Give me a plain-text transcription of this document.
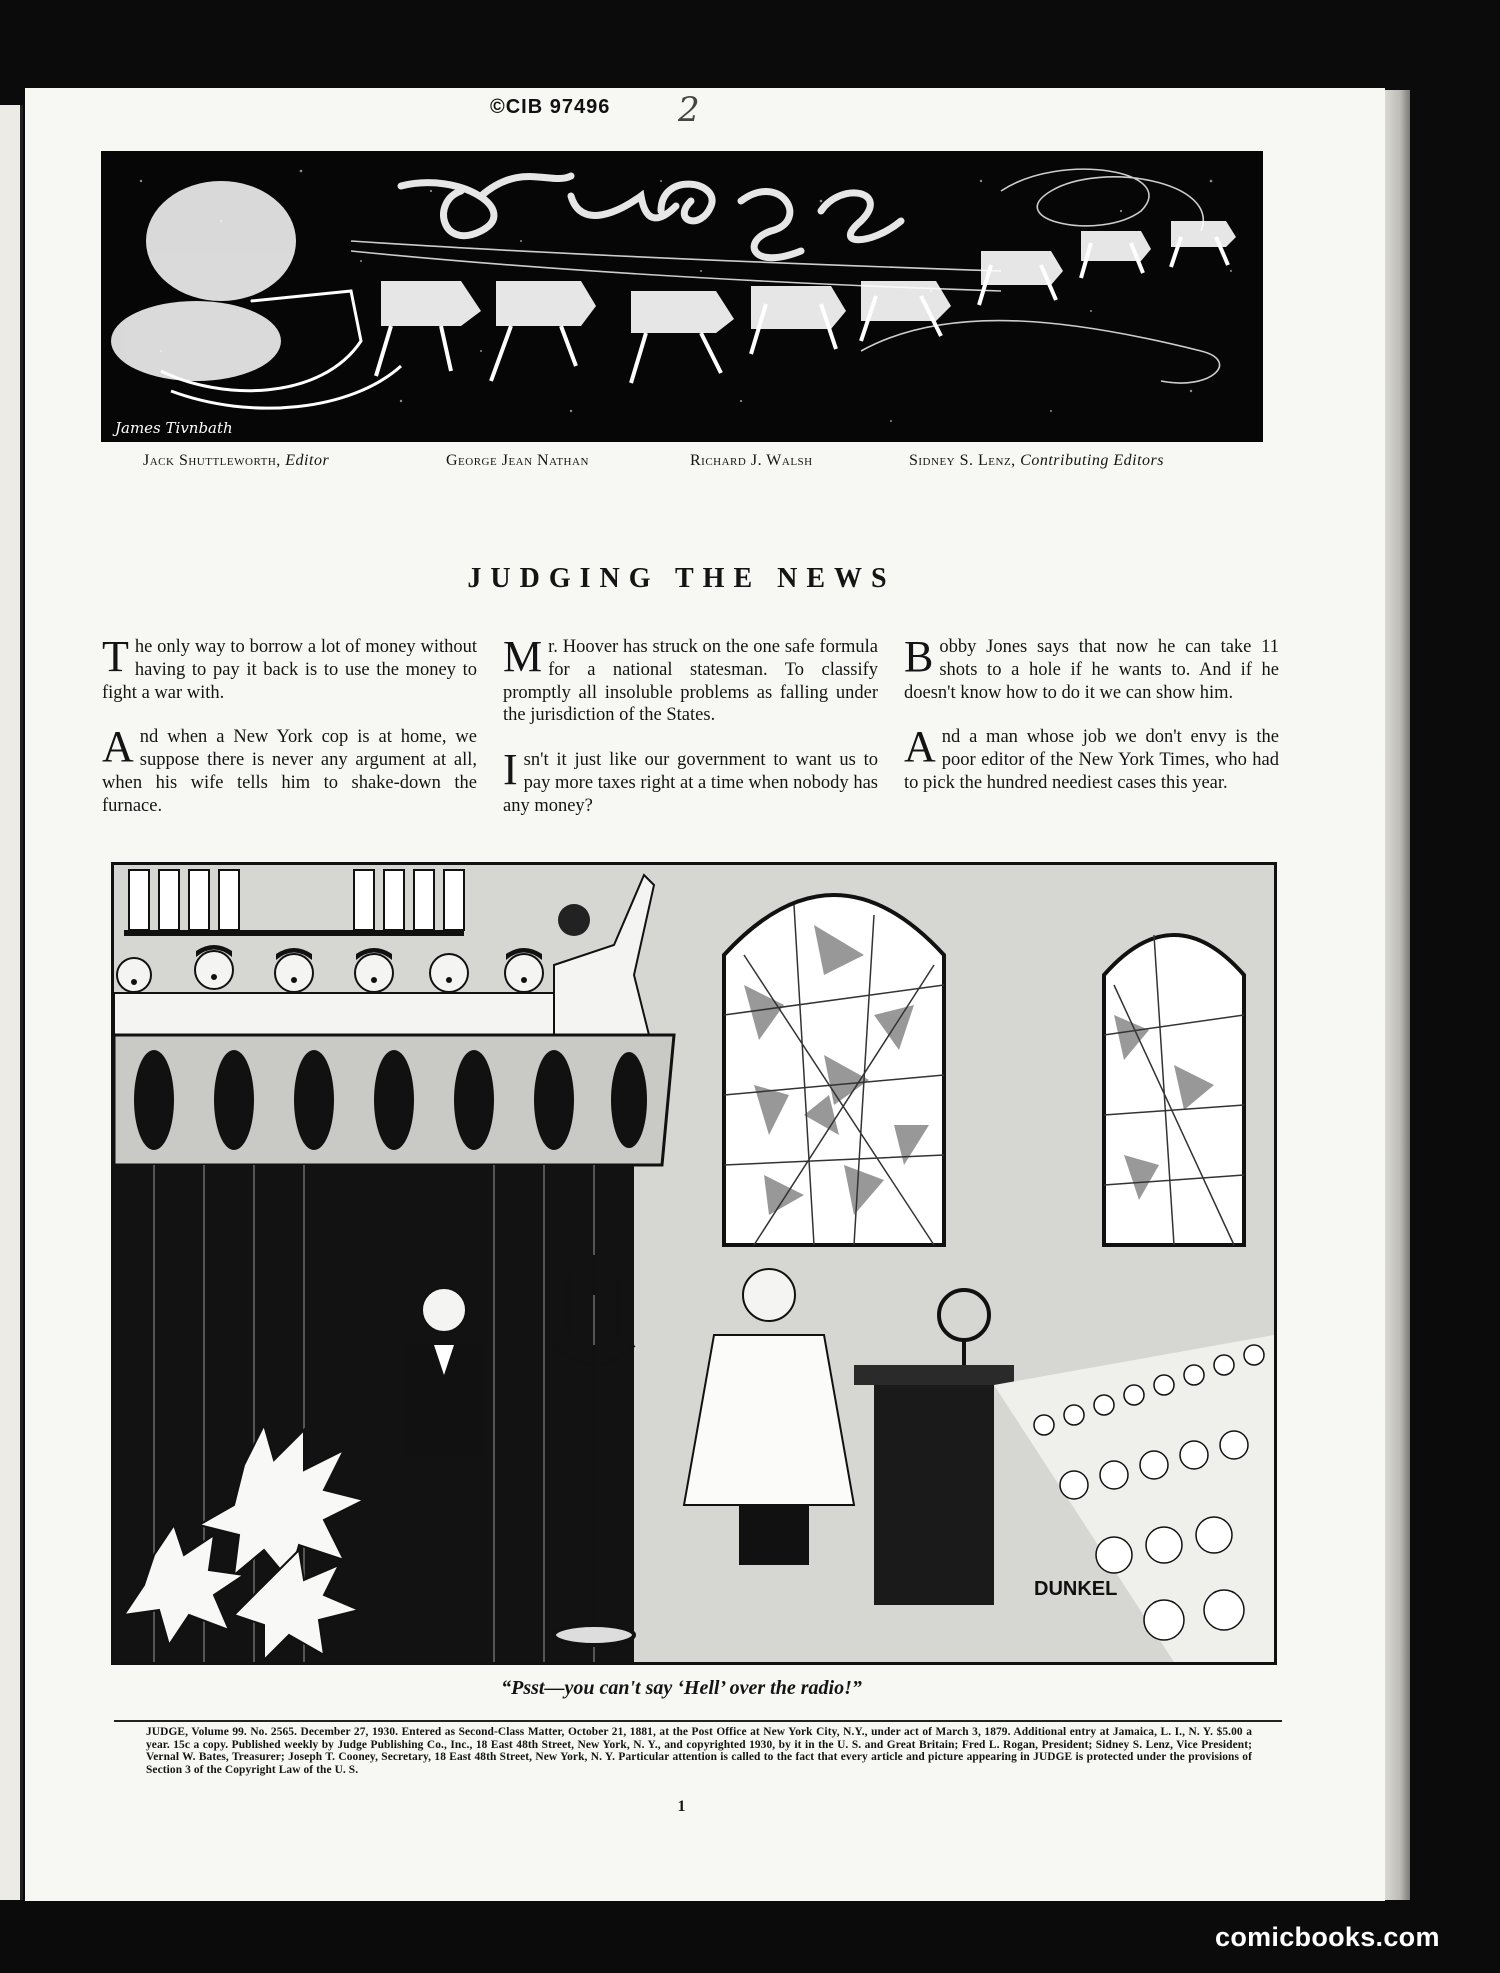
©CIB 97496 2
James Tivnbath
Jack Shuttleworth, Editor	George Jean Nathan	Richard J. Walsh	Sidney S. Lenz, Contributing Editors
JUDGING THE NEWS

The only way to borrow a lot of money without having to pay it back is to use the money to fight a war with.

And when a New York cop is at home, we suppose there is never any argument at all, when his wife tells him to shake-down the furnace.

Mr. Hoover has struck on the one safe formula for a national statesman. To classify promptly all insoluble problems as falling under the jurisdiction of the States.

Isn't it just like our government to want us to pay more taxes right at a time when nobody has any money?

Bobby Jones says that now he can take 11 shots to a hole if he wants to. And if he doesn't know how to do it we can show him.

And a man whose job we don't envy is the poor editor of the New York Times, who had to pick the hundred neediest cases this year.

DUNKEL
“Psst—you can't say ‘Hell’ over the radio!”
JUDGE, Volume 99. No. 2565. December 27, 1930. Entered as Second-Class Matter, October 21, 1881, at the Post Office at New York City, N.Y., under act of March 3, 1879. Additional entry at Jamaica, L. I., N. Y. $5.00 a year. 15c a copy. Published weekly by Judge Publishing Co., Inc., 18 East 48th Street, New York, N. Y., and copyrighted 1930, by it in the U. S. and Great Britain; Fred L. Rogan, President; Sidney S. Lenz, Vice President; Vernal W. Bates, Treasurer; Joseph T. Cooney, Secretary, 18 East 48th Street, New York, N. Y. Particular attention is called to the fact that every article and picture appearing in JUDGE is protected under the provisions of Section 3 of the Copyright Law of the U. S.
1
comicbooks.com
